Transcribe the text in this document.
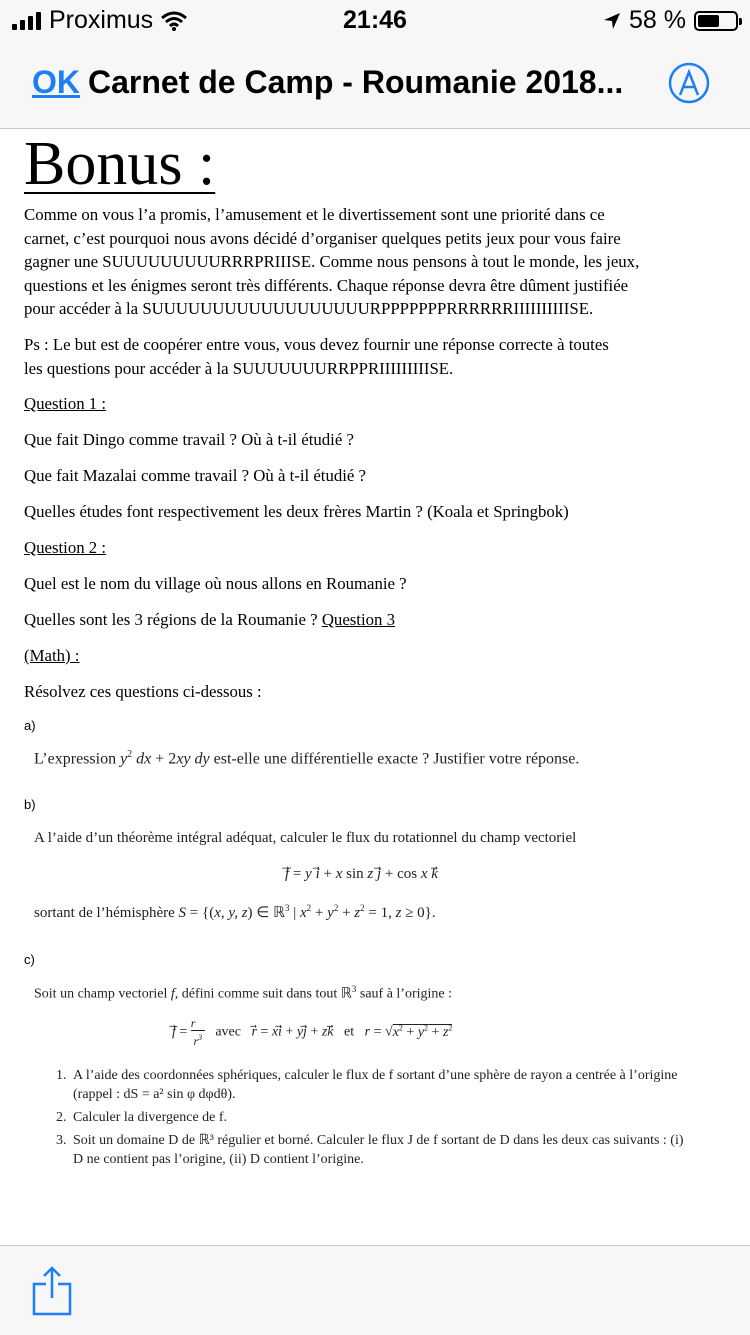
Proximus	21:46	58 %
OK Carnet de Camp - Roumanie 2018...
Bonus :
Comme on vous l’a promis, l’amusement et le divertissement sont une priorité dans ce
carnet, c’est pourquoi nous avons décidé d’organiser quelques petits jeux pour vous faire
gagner une SUUUUUUUUURRRPRIIISE. Comme nous pensons à tout le monde, les jeux,
questions et les énigmes seront très différents. Chaque réponse devra être dûment justifiée
pour accéder à la SUUUUUUUUUUUUUUUUUURPPPPPPPRRRRRRIIIIIIIIIISE.
Ps : Le but est de coopérer entre vous, vous devez fournir une réponse correcte à toutes
les questions pour accéder à la SUUUUUUURRPPRIIIIIIIIISE.
Question 1 :
Que fait Dingo comme travail ? Où à t-il étudié ?
Que fait Mazalai comme travail ? Où à t-il étudié ?
Quelles études font respectivement les deux frères Martin ? (Koala et Springbok)
Question 2 :
Quel est le nom du village où nous allons en Roumanie ?
Quelles sont les 3 régions de la Roumanie ? Question 3
(Math) :
Résolvez ces questions ci-dessous :
a)
L’expression $y^2$ dx + 2xy dy est-elle une différentielle exacte ? Justifier votre réponse.
b)
A l’aide d’un théorème intégral adéquat, calculer le flux du rotationnel du champ vectoriel
f⃗ = y i⃗ + x sin z j⃗ + cos x k
sortant de l’hémisphère S = {(x, y, z) ∈ ℝ$^3$ | $x^2 + y^2 + z^2 = 1$, z ≥ 0}.
c)
Soit un champ vectoriel f, défini comme suit dans tout ℝ$^3$ sauf à l’origine :
f⃗ = $\frac{r⃗}{r^3}$ avec r⃗ = xi⃗ + yj⃗ + zk⃗   et $r = √x^2 + y^2 + z^2$
1. A l’aide des coordonnées sphériques, calculer le flux de f sortant d’une sphère de rayon a centrée à l’origine (rappel : dS = a² sin φ dφdθ).
2. Calculer la divergence de f.
3. Soit un domaine D de ℝ³ régulier et borné. Calculer le flux J de f sortant de D dans les deux cas suivants : (i) D ne contient pas l’origine, (ii) D contient l’origine.
